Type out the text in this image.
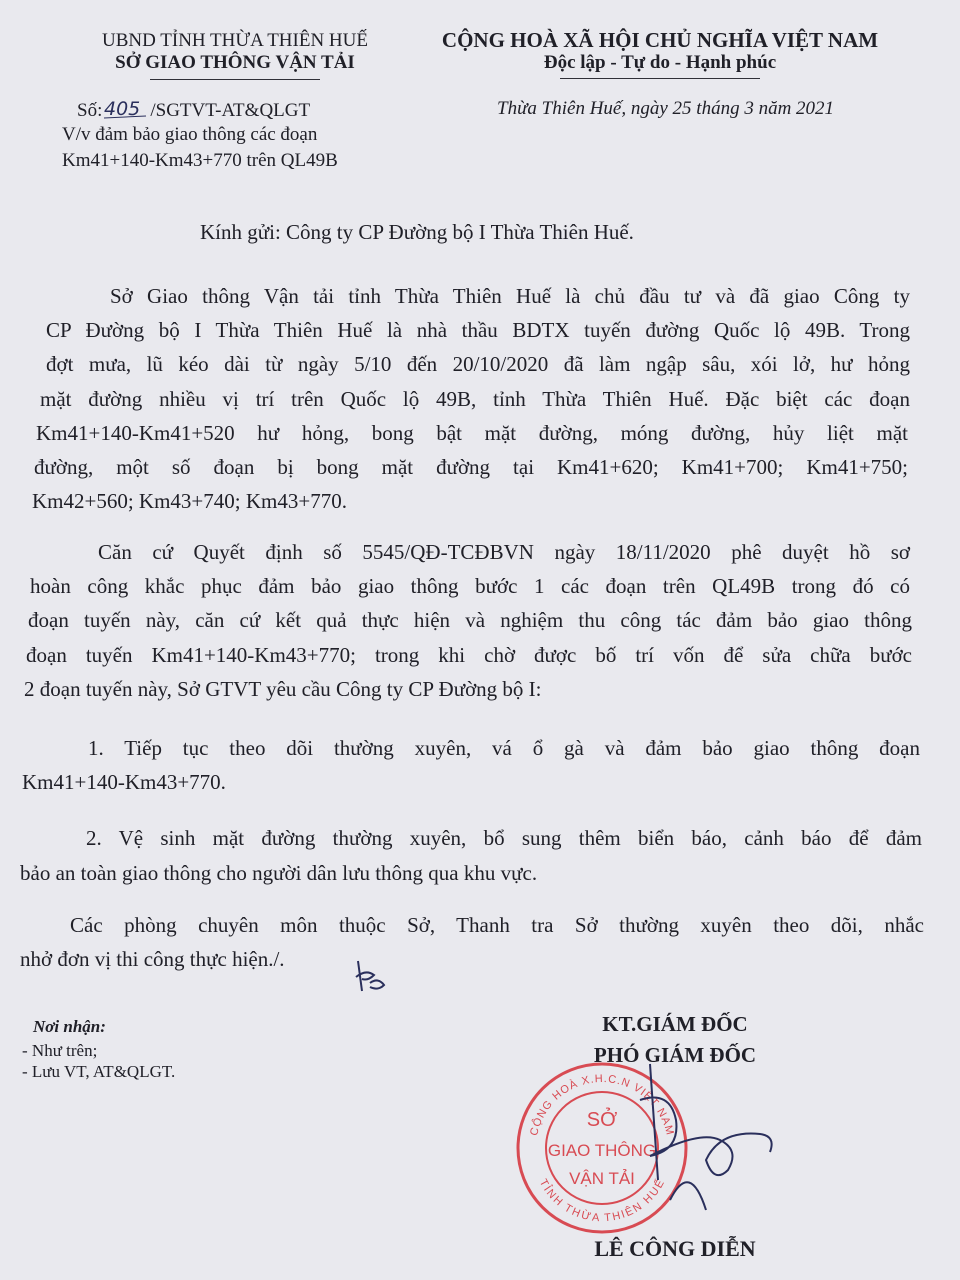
UBND TỈNH THỪA THIÊN HUẾ
SỞ GIAO THÔNG VẬN TẢI
CỘNG HOÀ XÃ HỘI CHỦ NGHĨA VIỆT NAM
Độc lập - Tự do - Hạnh phúc
Số: 405 /SGTVT-AT&QLGT
V/v đảm bảo giao thông các đoạn
Km41+140-Km43+770 trên QL49B
Thừa Thiên Huế, ngày 25 tháng 3 năm 2021
Kính gửi: Công ty CP Đường bộ I Thừa Thiên Huế.
Sở Giao thông Vận tải tỉnh Thừa Thiên Huế là chủ đầu tư và đã giao Công ty
CP Đường bộ I Thừa Thiên Huế là nhà thầu BDTX tuyến đường Quốc lộ 49B. Trong
đợt mưa, lũ kéo dài từ ngày 5/10 đến 20/10/2020 đã làm ngập sâu, xói lở, hư hỏng
mặt đường nhiều vị trí trên Quốc lộ 49B, tỉnh Thừa Thiên Huế. Đặc biệt các đoạn
Km41+140-Km41+520 hư hỏng, bong bật mặt đường, móng đường, hủy liệt mặt
đường, một số đoạn bị bong mặt đường tại Km41+620; Km41+700; Km41+750;
Km42+560; Km43+740; Km43+770.
Căn cứ Quyết định số 5545/QĐ-TCĐBVN ngày 18/11/2020 phê duyệt hồ sơ
hoàn công khắc phục đảm bảo giao thông bước 1 các đoạn trên QL49B trong đó có
đoạn tuyến này, căn cứ kết quả thực hiện và nghiệm thu công tác đảm bảo giao thông
đoạn tuyến Km41+140-Km43+770; trong khi chờ được bố trí vốn để sửa chữa bước
2 đoạn tuyến này, Sở GTVT yêu cầu Công ty CP Đường bộ I:
1. Tiếp tục theo dõi thường xuyên, vá ổ gà và đảm bảo giao thông đoạn
Km41+140-Km43+770.
2. Vệ sinh mặt đường thường xuyên, bổ sung thêm biển báo, cảnh báo để đảm
bảo an toàn giao thông cho người dân lưu thông qua khu vực.
Các phòng chuyên môn thuộc Sở, Thanh tra Sở thường xuyên theo dõi, nhắc
nhở đơn vị thi công thực hiện./.
Nơi nhận:
- Như trên;
- Lưu VT, AT&QLGT.
KT.GIÁM ĐỐC
PHÓ GIÁM ĐỐC
CỘNG HOÀ X.H.C.N VIỆT NAM
TỈNH THỪA THIÊN HUẾ
SỞ
GIAO THÔNG
VẬN TẢI
LÊ CÔNG DIỄN
